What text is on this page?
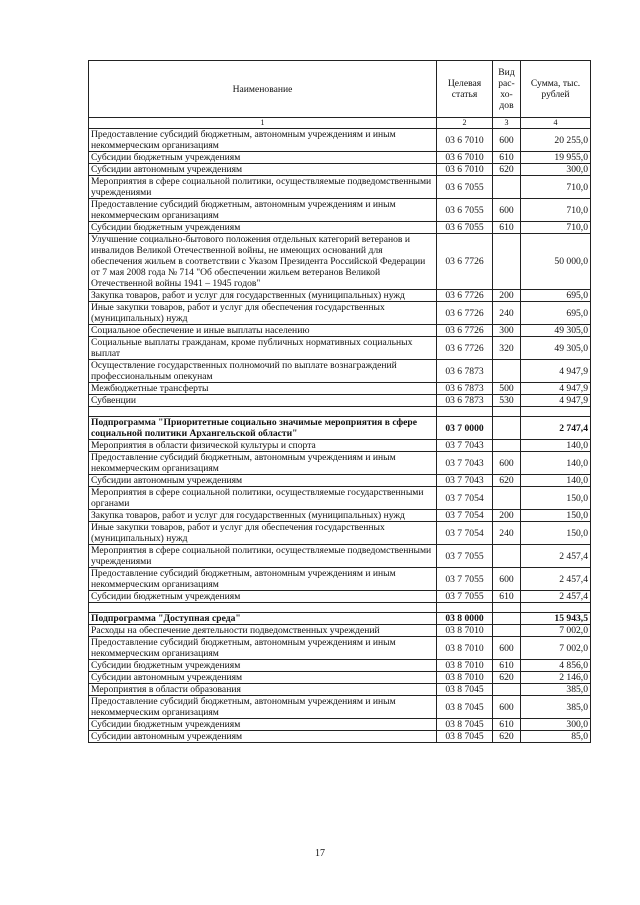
Наименование	Целевая статья	Вид рас- хо- дов	Сумма, тыс. рублей
1	2	3	4
Предоставление субсидий бюджетным, автономным учреждениям и иным некоммерческим организациям	03 6 7010	600	20 255,0
Субсидии бюджетным учреждениям	03 6 7010	610	19 955,0
Субсидии автономным учреждениям	03 6 7010	620	300,0
Мероприятия в сфере социальной политики, осуществляемые подведомственными учреждениями	03 6 7055		710,0
Предоставление субсидий бюджетным, автономным учреждениям и иным некоммерческим организациям	03 6 7055	600	710,0
Субсидии бюджетным учреждениям	03 6 7055	610	710,0
Улучшение социально-бытового положения отдельных категорий ветеранов и инвалидов Великой Отечественной войны, не имеющих оснований для обеспечения жильем в соответствии с Указом Президента Российской Федерации от 7 мая 2008 года № 714 "Об обеспечении жильем ветеранов Великой Отечественной войны 1941 – 1945 годов"	03 6 7726		50 000,0
Закупка товаров, работ и услуг для государственных (муниципальных) нужд	03 6 7726	200	695,0
Иные закупки товаров, работ и услуг для обеспечения государственных (муниципальных) нужд	03 6 7726	240	695,0
Социальное обеспечение и иные выплаты населению	03 6 7726	300	49 305,0
Социальные выплаты гражданам, кроме публичных нормативных социальных выплат	03 6 7726	320	49 305,0
Осуществление государственных полномочий по выплате вознаграждений профессиональным опекунам	03 6 7873		4 947,9
Межбюджетные трансферты	03 6 7873	500	4 947,9
Субвенции	03 6 7873	530	4 947,9

Подпрограмма "Приоритетные социально значимые мероприятия в сфере социальной политики Архангельской области"	03 7 0000		2 747,4
Мероприятия в области физической культуры и спорта	03 7 7043		140,0
Предоставление субсидий бюджетным, автономным учреждениям и иным некоммерческим организациям	03 7 7043	600	140,0
Субсидии автономным учреждениям	03 7 7043	620	140,0
Мероприятия в сфере социальной политики, осуществляемые государственными органами	03 7 7054		150,0
Закупка товаров, работ и услуг для государственных (муниципальных) нужд	03 7 7054	200	150,0
Иные закупки товаров, работ и услуг для обеспечения государственных (муниципальных) нужд	03 7 7054	240	150,0
Мероприятия в сфере социальной политики, осуществляемые подведомственными учреждениями	03 7 7055		2 457,4
Предоставление субсидий бюджетным, автономным учреждениям и иным некоммерческим организациям	03 7 7055	600	2 457,4
Субсидии бюджетным учреждениям	03 7 7055	610	2 457,4

Подпрограмма "Доступная среда"	03 8 0000		15 943,5
Расходы на обеспечение деятельности подведомственных учреждений	03 8 7010		7 002,0
Предоставление субсидий бюджетным, автономным учреждениям и иным некоммерческим организациям	03 8 7010	600	7 002,0
Субсидии бюджетным учреждениям	03 8 7010	610	4 856,0
Субсидии автономным учреждениям	03 8 7010	620	2 146,0
Мероприятия в области образования	03 8 7045		385,0
Предоставление субсидий бюджетным, автономным учреждениям и иным некоммерческим организациям	03 8 7045	600	385,0
Субсидии бюджетным учреждениям	03 8 7045	610	300,0
Субсидии автономным учреждениям	03 8 7045	620	85,0
17
